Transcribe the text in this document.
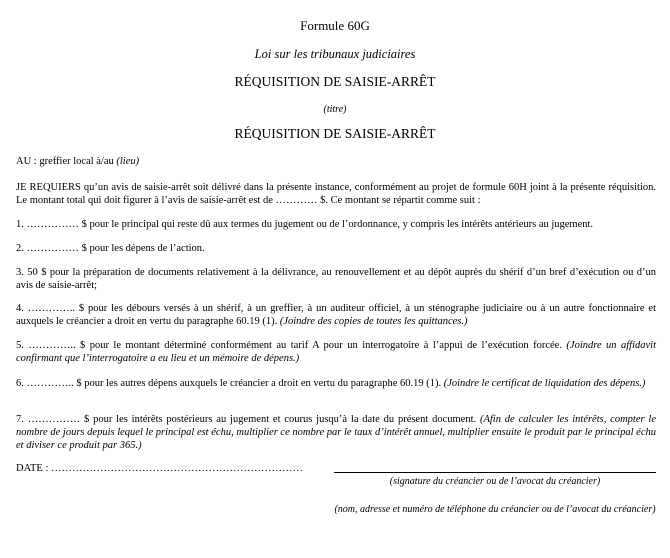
Formule 60G
Loi sur les tribunaux judiciaires
RÉQUISITION DE SAISIE-ARRÊT
(titre)
RÉQUISITION DE SAISIE-ARRÊT
AU : greffier local à/au (lieu)
JE REQUIERS qu’un avis de saisie-arrêt soit délivré dans la présente instance, conformément au projet de formule 60H joint à la présente réquisition. Le montant total qui doit figurer à l’avis de saisie-arrêt est de ………… $. Ce montant se répartit comme suit :
1. …………… $ pour le principal qui reste dû aux termes du jugement ou de l’ordonnance, y compris les intérêts antérieurs au jugement.
2. …………… $ pour les dépens de l’action.
3. 50 $ pour la préparation de documents relativement à la délivrance, au renouvellement et au dépôt auprès du shérif d’un bref d’exécution ou d’un avis de saisie-arrêt;
4. ………….. $ pour les débours versés à un shérif, à un greffier, à un auditeur officiel, à un sténographe judiciaire ou à un autre fonctionnaire et auxquels le créancier a droit en vertu du paragraphe 60.19 (1). (Joindre des copies de toutes les quittances.)
5. ………….. $ pour le montant déterminé conformément au tarif A pour un interrogatoire à l’appui de l’exécution forcée. (Joindre un affidavit confirmant que l’interrogatoire a eu lieu et un mémoire de dépens.)
6. ………….. $ pour les autres dépens auxquels le créancier a droit en vertu du paragraphe 60.19 (1). (Joindre le certificat de liquidation des dépens.)
7. …………… $ pour les intérêts postérieurs au jugement et courus jusqu’à la date du présent document. (Afin de calculer les intérêts, compter le nombre de jours depuis lequel le principal est échu, multiplier ce nombre par le taux d’intérêt annuel, multiplier ensuite le produit par le principal échu et diviser ce produit par 365.)
DATE : ………………………………………………………………
(signature du créancier ou de l’avocat du créancier)
(nom, adresse et numéro de téléphone du créancier ou de l’avocat du créancier)
